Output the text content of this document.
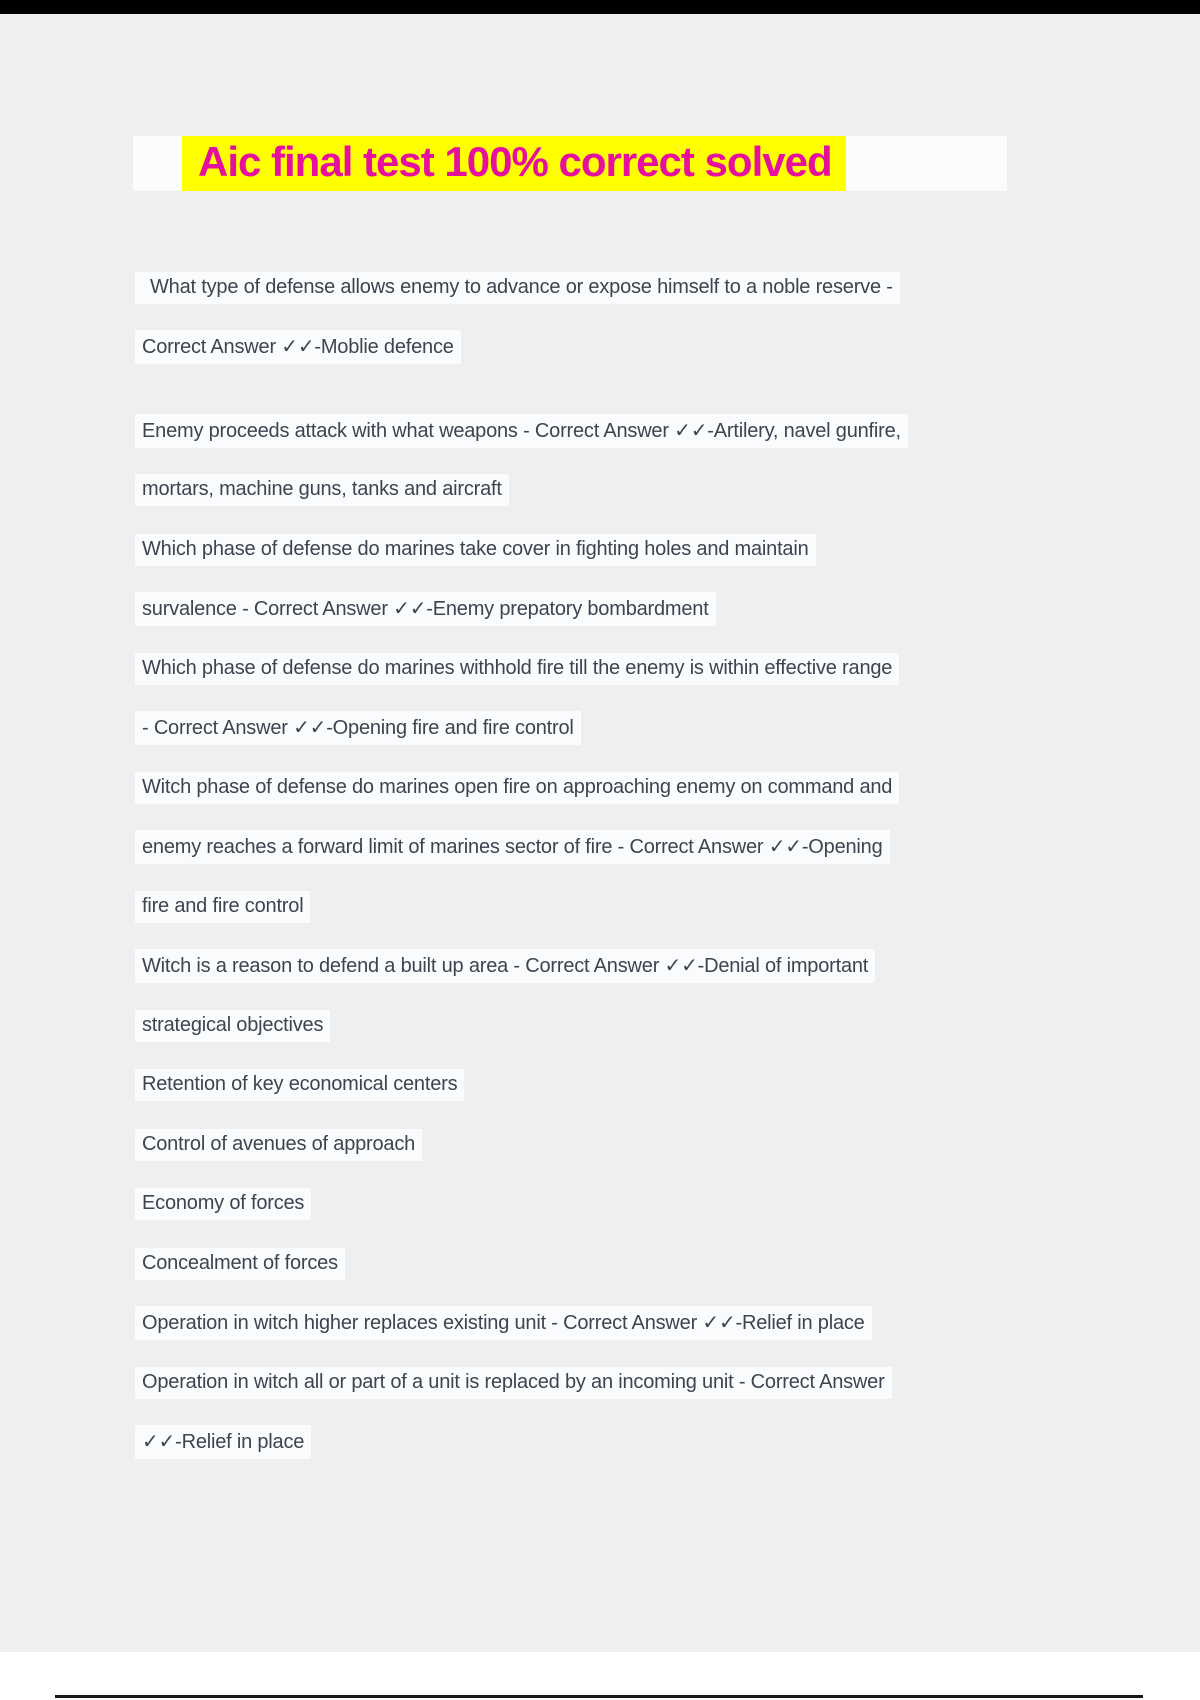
Aic final test 100% correct solved
What type of defense allows enemy to advance or expose himself to a noble reserve -
Correct Answer ✓✓-Moblie defence
Enemy proceeds attack with what weapons - Correct Answer ✓✓-Artilery, navel gunfire,
mortars, machine guns, tanks and aircraft
Which phase of defense do marines take cover in fighting holes and maintain
survalence - Correct Answer ✓✓-Enemy prepatory bombardment
Which phase of defense do marines withhold fire till the enemy is within effective range
- Correct Answer ✓✓-Opening fire and fire control
Witch phase of defense do marines open fire on approaching enemy on command and
enemy reaches a forward limit of marines sector of fire - Correct Answer ✓✓-Opening
fire and fire control
Witch is a reason to defend a built up area - Correct Answer ✓✓-Denial of important
strategical objectives
Retention of key economical centers
Control of avenues of approach
Economy of forces
Concealment of forces
Operation in witch higher replaces existing unit - Correct Answer ✓✓-Relief in place
Operation in witch all or part of a unit is replaced by an incoming unit - Correct Answer
✓✓-Relief in place
